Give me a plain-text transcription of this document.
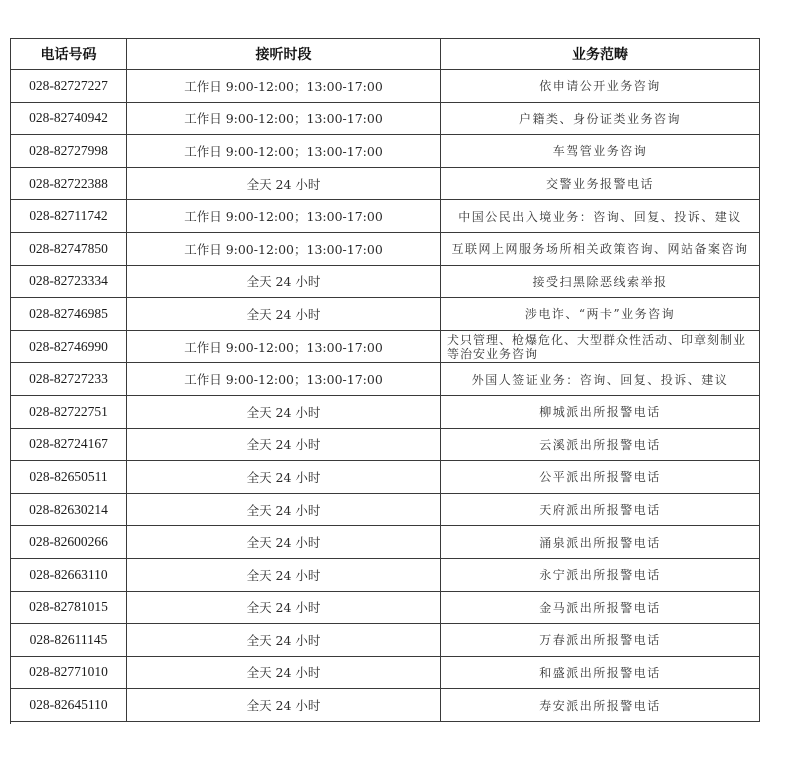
电话号码	接听时段	业务范畴
028-82727227	工作日 9:00-12:00；13:00-17:00	依申请公开业务咨询
028-82740942	工作日 9:00-12:00；13:00-17:00	户籍类、身份证类业务咨询
028-82727998	工作日 9:00-12:00；13:00-17:00	车驾管业务咨询
028-82722388	全天 24 小时	交警业务报警电话
028-82711742	工作日 9:00-12:00；13:00-17:00	中国公民出入境业务：咨询、回复、投诉、建议
028-82747850	工作日 9:00-12:00；13:00-17:00	互联网上网服务场所相关政策咨询、网站备案咨询
028-82723334	全天 24 小时	接受扫黑除恶线索举报
028-82746985	全天 24 小时	涉电诈、“两卡”业务咨询
028-82746990	工作日 9:00-12:00；13:00-17:00	犬只管理、枪爆危化、大型群众性活动、印章刻制业等治安业务咨询
028-82727233	工作日 9:00-12:00；13:00-17:00	外国人签证业务：咨询、回复、投诉、建议
028-82722751	全天 24 小时	柳城派出所报警电话
028-82724167	全天 24 小时	云溪派出所报警电话
028-82650511	全天 24 小时	公平派出所报警电话
028-82630214	全天 24 小时	天府派出所报警电话
028-82600266	全天 24 小时	涌泉派出所报警电话
028-82663110	全天 24 小时	永宁派出所报警电话
028-82781015	全天 24 小时	金马派出所报警电话
028-82611145	全天 24 小时	万春派出所报警电话
028-82771010	全天 24 小时	和盛派出所报警电话
028-82645110	全天 24 小时	寿安派出所报警电话
